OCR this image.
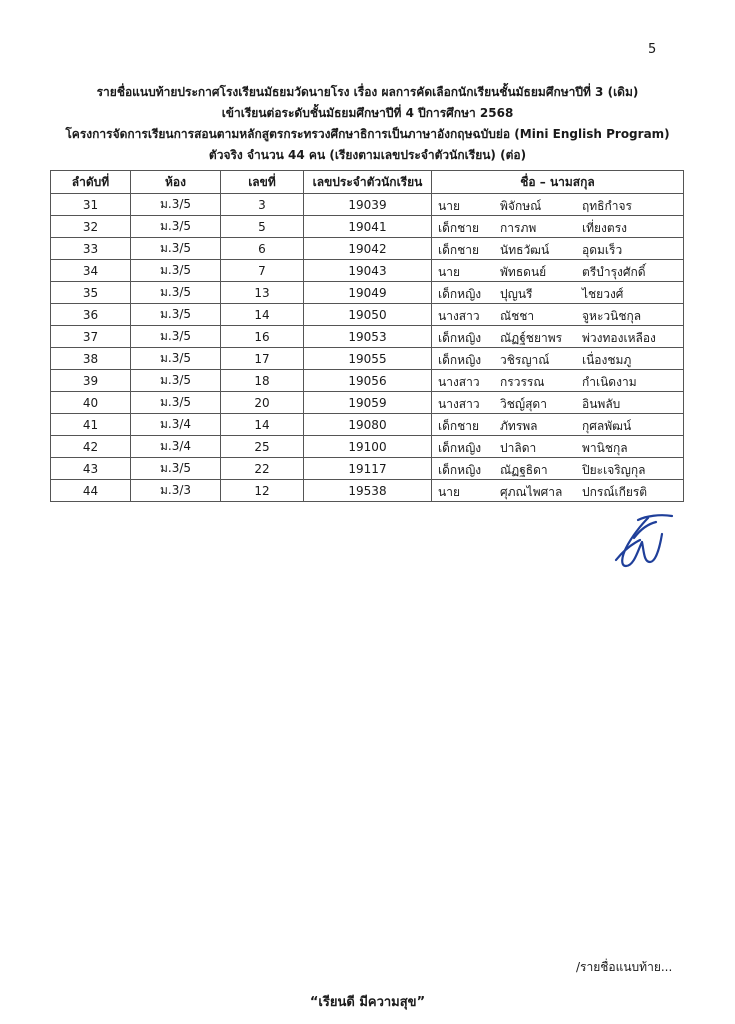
5
รายชื่อแนบท้ายประกาศโรงเรียนมัธยมวัดนายโรง เรื่อง ผลการคัดเลือกนักเรียนชั้นมัธยมศึกษาปีที่ 3 (เดิม)
เข้าเรียนต่อระดับชั้นมัธยมศึกษาปีที่ 4 ปีการศึกษา 2568
โครงการจัดการเรียนการสอนตามหลักสูตรกระทรวงศึกษาธิการเป็นภาษาอังกฤษฉบับย่อ (Mini English Program)
ตัวจริง จำนวน 44 คน (เรียงตามเลขประจำตัวนักเรียน) (ต่อ)
ลำดับที่	ห้อง	เลขที่	เลขประจำตัวนักเรียน	ชื่อ – นามสกุล
31	ม.3/5	3	19039	นาย พิจักษณ์ ฤทธิกำจร

32	ม.3/5	5	19041	เด็กชาย การภพ เที่ยงตรง

33	ม.3/5	6	19042	เด็กชาย นัทธวัฒน์ อุดมเร็ว

34	ม.3/5	7	19043	นาย พัทธดนย์ ตรีบำรุงศักดิ์

35	ม.3/5	13	19049	เด็กหญิง ปุญนรี ไชยวงศ์

36	ม.3/5	14	19050	นางสาว ณัชชา จูหะวนิชกุล

37	ม.3/5	16	19053	เด็กหญิง ณัฏฐ์ชยาพร พ่วงทองเหลือง

38	ม.3/5	17	19055	เด็กหญิง วชิรญาณ์ เนื่องชมภู

39	ม.3/5	18	19056	นางสาว กรวรรณ กำเนิดงาม

40	ม.3/5	20	19059	นางสาว วิชญ์สุดา อินพลับ

41	ม.3/4	14	19080	เด็กชาย ภัทรพล กุศลพัฒน์

42	ม.3/4	25	19100	เด็กหญิง ปาลิดา พานิชกุล

43	ม.3/5	22	19117	เด็กหญิง ณัฏฐธิดา ปิยะเจริญกุล

44	ม.3/3	12	19538	นาย ศุภณไพศาล ปกรณ์เกียรติ
/รายชื่อแนบท้าย...
“เรียนดี มีความสุข”
